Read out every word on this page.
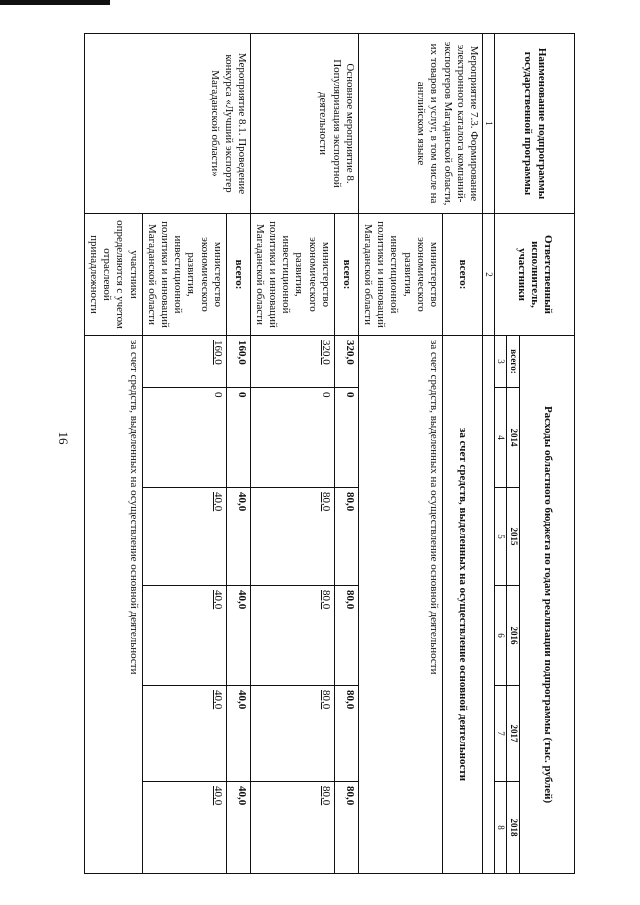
16
Наименование подпрограммы государственной программы	Ответственный исполнитель, участники	Расходы областного бюджета по годам реализации подпрограммы (тыс. рублей)					
		всего:	2014	2015	2016	2017	2018
		3	4	5	6	7	8
1	2						
Мероприятие 7.3. Формирование электронного каталога компаний-экспортеров Магаданской области, их товаров и услуг, в том числе на английском языке	всего:	за счет средств, выделенных на осуществление основной деятельности					
	министерство экономического развития, инвестиционной политики и инноваций Магаданской области	за счет средств, выделенных на осуществление основной деятельности					
Основное мероприятие 8. Популяризация экспортной деятельности	всего:	320,0	0	80,0	80,0	80,0	80,0
	министерство экономического развития, инвестиционной политики и инноваций Магаданской области	320,0	0	80,0	80,0	80,0	80,0
Мероприятие 8.1. Проведение конкурса «Лучший экспортер Магаданской области»	всего:	160,0	0	40,0	40,0	40,0	40,0
	министерство экономического развития, инвестиционной политики и инноваций Магаданской области	160,0	0	40,0	40,0	40,0	40,0
	участники определяются с учетом отраслевой принадлежности	за счет средств, выделенных на осуществление основной деятельности					
